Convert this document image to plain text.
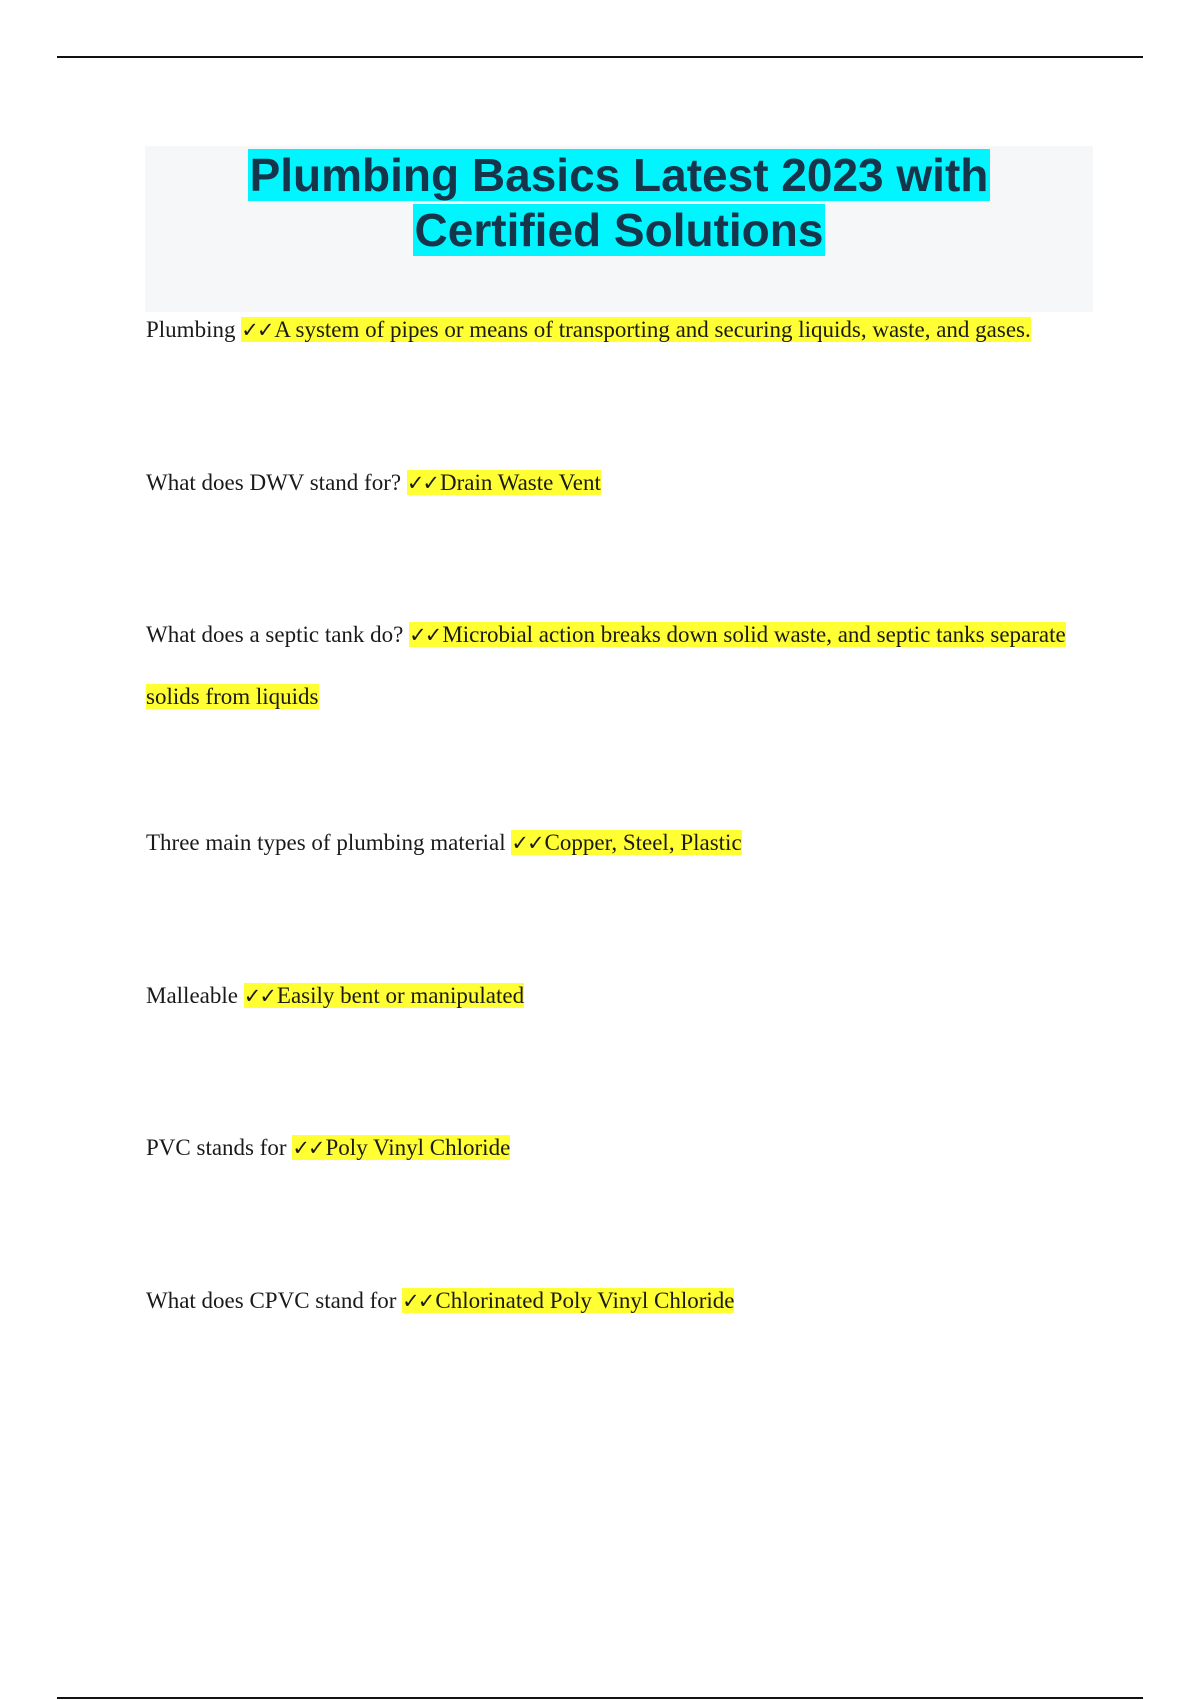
Plumbing Basics Latest 2023 with
Certified Solutions

Plumbing ✓✓A system of pipes or means of transporting and securing liquids, waste, and gases.

What does DWV stand for? ✓✓Drain Waste Vent

What does a septic tank do? ✓✓Microbial action breaks down solid waste, and septic tanks separate solids from liquids

Three main types of plumbing material ✓✓Copper, Steel, Plastic

Malleable ✓✓Easily bent or manipulated

PVC stands for ✓✓Poly Vinyl Chloride

What does CPVC stand for ✓✓Chlorinated Poly Vinyl Chloride
